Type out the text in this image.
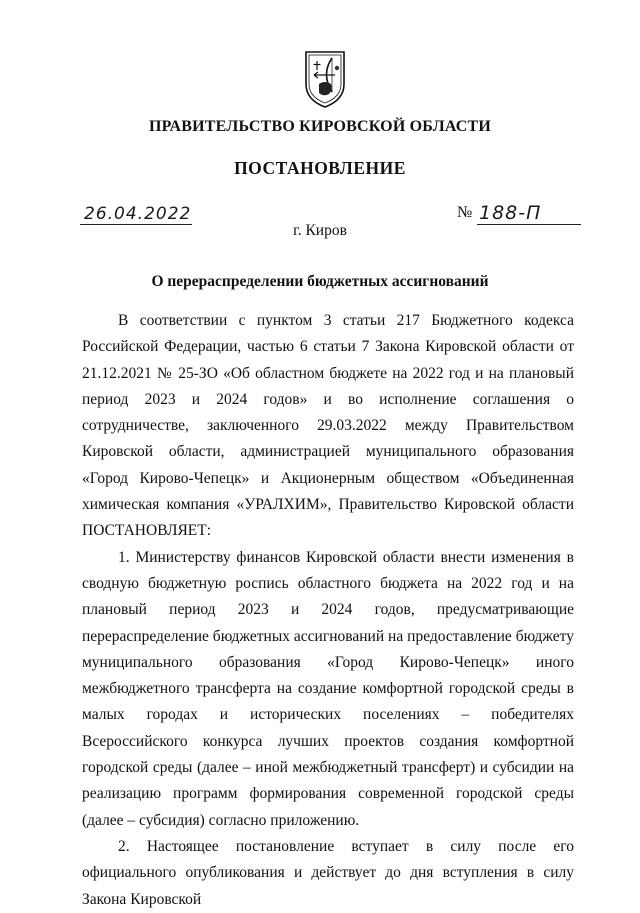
ПРАВИТЕЛЬСТВО КИРОВСКОЙ ОБЛАСТИ
ПОСТАНОВЛЕНИЕ
26.04.2022	№ 188-П
г. Киров
О перераспределении бюджетных ассигнований

В соответствии с пунктом 3 статьи 217 Бюджетного кодекса Российской Федерации, частью 6 статьи 7 Закона Кировской области от 21.12.2021 № 25-ЗО «Об областном бюджете на 2022 год и на плановый период 2023 и 2024 годов» и во исполнение соглашения о сотрудничестве, заключенного 29.03.2022 между Правительством Кировской области, администрацией муниципального образования «Город Кирово-Чепецк» и Акционерным обществом «Объединенная химическая компания «УРАЛХИМ», Правительство Кировской области ПОСТАНОВЛЯЕТ:

1. Министерству финансов Кировской области внести изменения в сводную бюджетную роспись областного бюджета на 2022 год и на плановый период 2023 и 2024 годов, предусматривающие перераспределение бюджетных ассигнований на предоставление бюджету муниципального образования «Город Кирово-Чепецк» иного межбюджетного трансферта на создание комфортной городской среды в малых городах и исторических поселениях – победителях Всероссийского конкурса лучших проектов создания комфортной городской среды (далее – иной межбюджетный трансферт) и субсидии на реализацию программ формирования современной городской среды (далее – субсидия) согласно приложению.

2. Настоящее постановление вступает в силу после его официального опубликования и действует до дня вступления в силу Закона Кировской
